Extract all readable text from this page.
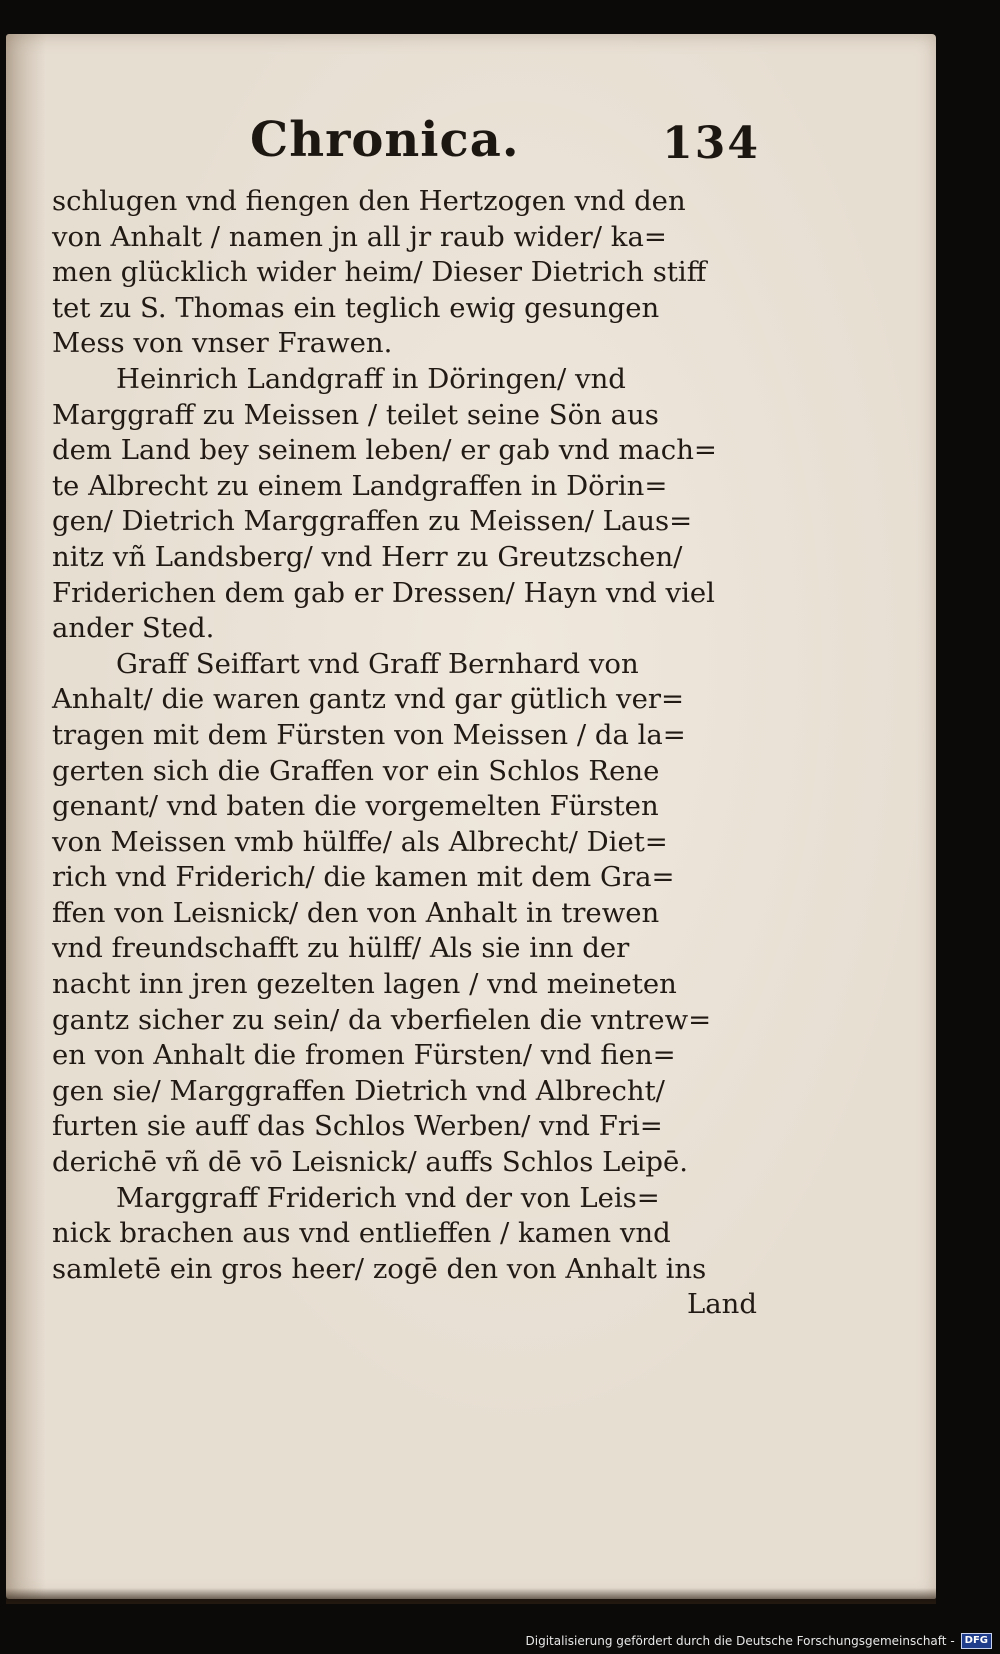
Chronica.	134
schlugen vnd fiengen den Hertzogen vnd den
von Anhalt / namen jn all jr raub wider/ ka=
men glücklich wider heim/ Dieser Dietrich stiff
tet zu S. Thomas ein teglich ewig gesungen
Mess von vnser Frawen.
Heinrich Landgraff in Döringen/ vnd
Marggraff zu Meissen / teilet seine Sön aus
dem Land bey seinem leben/ er gab vnd mach=
te Albrecht zu einem Landgraffen in Dörin=
gen/ Dietrich Marggraffen zu Meissen/ Laus=
nitz vñ Landsberg/ vnd Herr zu Greutzschen/
Friderichen dem gab er Dressen/ Hayn vnd viel
ander Sted.
Graff Seiffart vnd Graff Bernhard von
Anhalt/ die waren gantz vnd gar gütlich ver=
tragen mit dem Fürsten von Meissen / da la=
gerten sich die Graffen vor ein Schlos Rene
genant/ vnd baten die vorgemelten Fürsten
von Meissen vmb hülffe/ als Albrecht/ Diet=
rich vnd Friderich/ die kamen mit dem Gra=
ffen von Leisnick/ den von Anhalt in trewen
vnd freundschafft zu hülff/ Als sie inn der
nacht inn jren gezelten lagen / vnd meineten
gantz sicher zu sein/ da vberfielen die vntrew=
en von Anhalt die fromen Fürsten/ vnd fien=
gen sie/ Marggraffen Dietrich vnd Albrecht/
furten sie auff das Schlos Werben/ vnd Fri=
derichē vñ dē vō Leisnick/ auffs Schlos Leipē.
Marggraff Friderich vnd der von Leis=
nick brachen aus vnd entlieffen / kamen vnd
samletē ein gros heer/ zogē den von Anhalt ins
Land
Digitalisierung gefördert durch die Deutsche Forschungsgemeinschaft -	DFG
